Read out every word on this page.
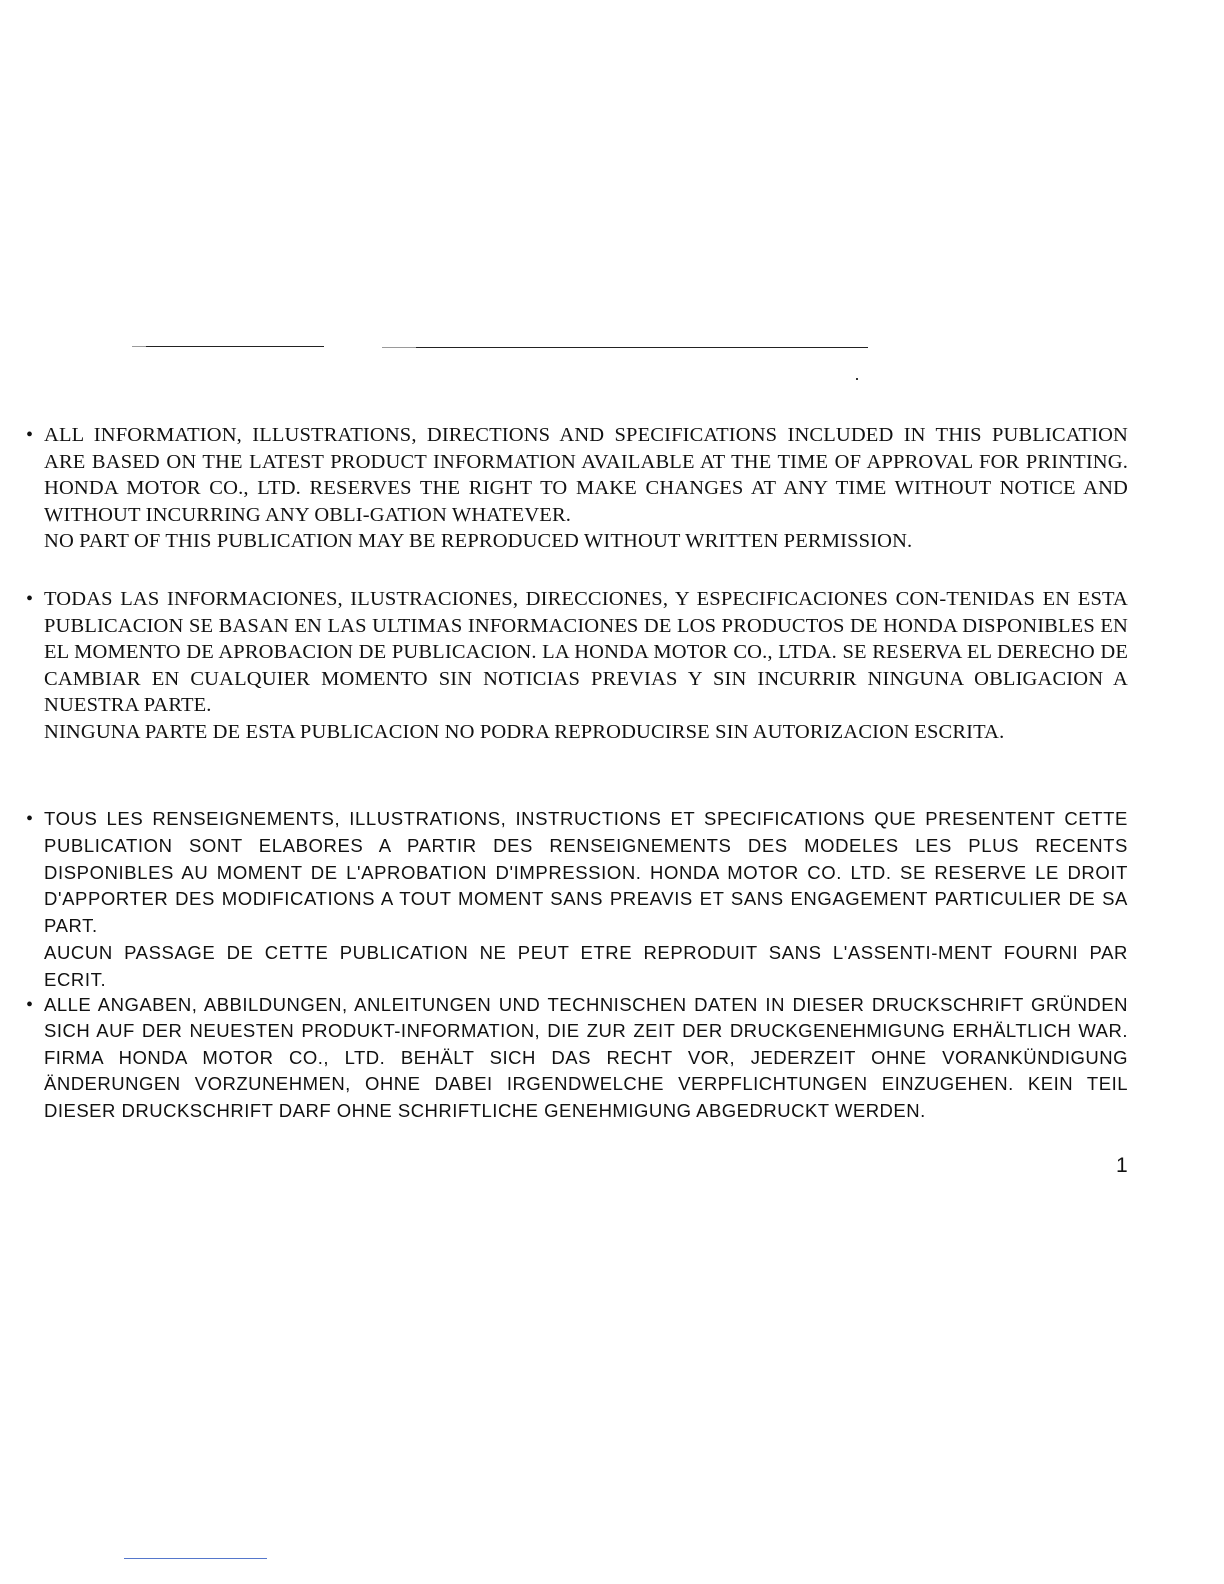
• ALL INFORMATION, ILLUSTRATIONS, DIRECTIONS AND SPECIFICATIONS INCLUDED IN THIS PUBLICATION ARE BASED ON THE LATEST PRODUCT INFORMATION AVAILABLE AT THE TIME OF APPROVAL FOR PRINTING. HONDA MOTOR CO., LTD. RESERVES THE RIGHT TO MAKE CHANGES AT ANY TIME WITHOUT NOTICE AND WITHOUT INCURRING ANY OBLI-GATION WHATEVER.

NO PART OF THIS PUBLICATION MAY BE REPRODUCED WITHOUT WRITTEN PERMISSION.

• TODAS LAS INFORMACIONES, ILUSTRACIONES, DIRECCIONES, Y ESPECIFICACIONES CON-TENIDAS EN ESTA PUBLICACION SE BASAN EN LAS ULTIMAS INFORMACIONES DE LOS PRODUCTOS DE HONDA DISPONIBLES EN EL MOMENTO DE APROBACION DE PUBLICACION. LA HONDA MOTOR CO., LTDA. SE RESERVA EL DERECHO DE CAMBIAR EN CUALQUIER MOMENTO SIN NOTICIAS PREVIAS Y SIN INCURRIR NINGUNA OBLIGACION A NUESTRA PARTE.

NINGUNA PARTE DE ESTA PUBLICACION NO PODRA REPRODUCIRSE SIN AUTORIZACION ESCRITA.

• TOUS LES RENSEIGNEMENTS, ILLUSTRATIONS, INSTRUCTIONS ET SPECIFICATIONS QUE PRESENTENT CETTE PUBLICATION SONT ELABORES A PARTIR DES RENSEIGNEMENTS DES MODELES LES PLUS RECENTS DISPONIBLES AU MOMENT DE L'APROBATION D'IMPRESSION. HONDA MOTOR CO. LTD. SE RESERVE LE DROIT D'APPORTER DES MODIFICATIONS A TOUT MOMENT SANS PREAVIS ET SANS ENGAGEMENT PARTICULIER DE SA PART.

AUCUN PASSAGE DE CETTE PUBLICATION NE PEUT ETRE REPRODUIT SANS L'ASSENTI-MENT FOURNI PAR ECRIT.

• ALLE ANGABEN, ABBILDUNGEN, ANLEITUNGEN UND TECHNISCHEN DATEN IN DIESER DRUCKSCHRIFT GRÜNDEN SICH AUF DER NEUESTEN PRODUKT-INFORMATION, DIE ZUR ZEIT DER DRUCKGENEHMIGUNG ERHÄLTLICH WAR. FIRMA HONDA MOTOR CO., LTD. BEHÄLT SICH DAS RECHT VOR, JEDERZEIT OHNE VORANKÜNDIGUNG ÄNDERUNGEN VORZUNEHMEN, OHNE DABEI IRGENDWELCHE VERPFLICHTUNGEN EINZUGEHEN. KEIN TEIL DIESER DRUCKSCHRIFT DARF OHNE SCHRIFTLICHE GENEHMIGUNG ABGEDRUCKT WERDEN.

1
